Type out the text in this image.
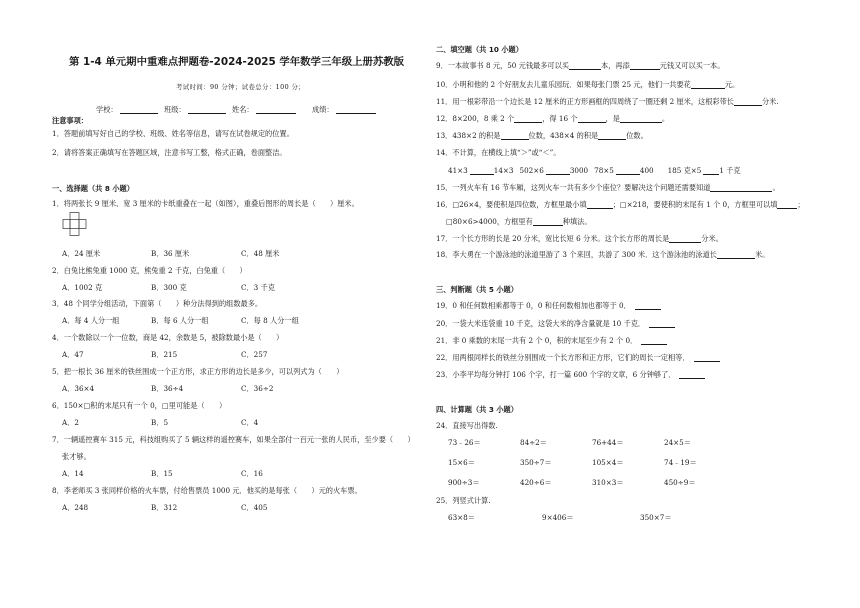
第 1-4 单元期中重难点押题卷-2024-2025 学年数学三年级上册苏教版
考试时间：90 分钟；试卷总分：100 分；
学校：	班级：	姓名：	成绩：
注意事项：
1．答题前填写好自己的学校、班级、姓名等信息，请写在试卷规定的位置。
2．请将答案正确填写在答题区域，注意书写工整，格式正确，卷面整洁。
一、选择题（共 8 小题）
1．将两张长 9 厘米、宽 3 厘米的卡纸重叠在一起（如图），重叠后图形的周长是（　　）厘米。
A．24 厘米	B．36 厘米	C．48 厘米
2．白兔比熊兔重 1000 克，熊兔重 2 千克，白兔重（　　）
A．1002 克	B．300 克	C．3 千克
3．48 个同学分组活动，下面第（　　）种分法得到的组数最多。
A．每 4 人分一组	B．每 6 人分一组	C．每 8 人分一组
4．一个数除以一个一位数，商是 42，余数是 5，被除数最小是（　　）
A．47	B．215	C．257
5．把一根长 36 厘米的铁丝围成一个正方形，求正方形的边长是多少，可以列式为（　　）
A．36×4	B．36÷4	C．36÷2
6．150×□积的末尾只有一个 0，□里可能是（　　）
A．2	B．5	C．4
7．一辆遥控赛车 315 元，科技组购买了 5 辆这样的遥控赛车，如果全部付一百元一张的人民币，至少要（　　）
张才够。
A．14	B．15	C．16
8．李老师买 3 张同样价格的火车票，付给售票员 1000 元．他买的是每张（　　）元的火车票。
A．248	B．312	C．405
二、填空题（共 10 小题）
9．一本故事书 8 元，50 元钱最多可以买	本，再添	元钱又可以买一本。
10．小明和他的 2 个好朋友去儿童乐园玩．如果每张门票 25 元，他们一共要花	元。
11．用一根彩带沿一个边长是 12 厘米的正方形画框的四周绕了一圈还剩 2 厘米，这根彩带长	分米.
12．8×200，8 乘 2 个	，得 16 个	，是	。
13．438×2 的积是	位数，438×4 的积是	位数。
14．不计算，在横线上填“＞”或“＜”。
41×3	14×3 502×6	3000 78×5	400 185 克×5	1 千克
15．一列火车有 16 节车厢，这列火车一共有多少个座位？要解决这个问题还需要知道	。
16．□26×4，要使积是四位数，方框里最小填	；□×218，要使积的末尾有 1 个 0，方框里可以填	；
□80×6>4000，方框里有	种填法。
17．一个长方形的长是 20 分米，宽比长短 6 分米。这个长方形的周长是	分米。
18．李大勇在一个游泳池的泳道里游了 3 个来回，共游了 300 米．这个游泳池的泳道长	米。
三、判断题（共 5 小题）
19．0 和任何数相乘都等于 0，0 和任何数相加也都等于 0．
20．一袋大米连袋重 10 千克，这袋大米的净含量就是 10 千克．
21．非 0 乘数的末尾一共有 2 个 0，积的末尾至少有 2 个 0．
22．用两根同样长的铁丝分别围成一个长方形和正方形，它们的周长一定相等．
23．小李平均每分钟打 106 个字，打一篇 600 个字的文章，6 分钟够了．
四、计算题（共 3 小题）
24．直接写出得数.
73﹣26＝	84÷2＝	76+44＝	24×5＝
15×6＝	350÷7＝	105×4＝	74﹣19＝
900÷3＝	420÷6＝	310×3＝	450÷9＝
25．列竖式计算.
63×8＝	9×406＝	350×7＝
